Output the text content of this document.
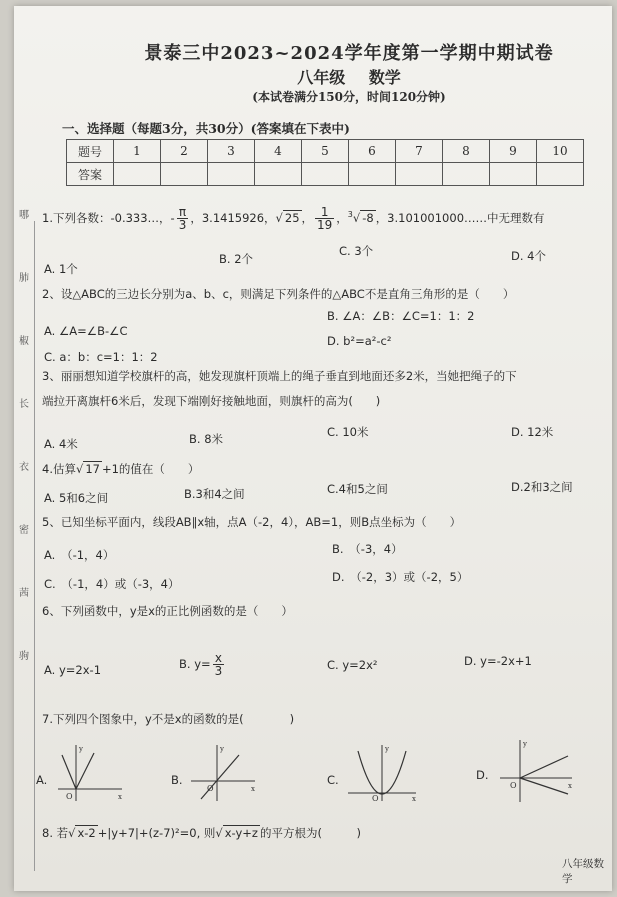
哪
肺
椒
长
衣
密
茜
驹
景泰三中2023~2024学年度第一学期中期试卷
八年级 数学
(本试卷满分150分，时间120分钟)
一、选择题（每题3分，共30分）(答案填在下表中)
题号	1	2	3	4	5	6	7	8	9	10
答案										
1.下列各数：-0.333…，- $\frac{\pi}{3}$ ，3.1415926，√ 25 ， $\frac{1}{19}$ ，$^3$√ -8 ，3.101001000……中无理数有
A. 1个
B. 2个
C. 3个	D. 4个
2、设△ABC的三边长分别为a、b、c，则满足下列条件的△ABC不是直角三角形的是（　　）
A. ∠A=∠B-∠C
B. ∠A：∠B：∠C=1：1：2
C. a：b：c=1：1：2
D. b²=a²-c²
3、丽丽想知道学校旗杆的高，她发现旗杆顶端上的绳子垂直到地面还多2米，当她把绳子的下
端拉开离旗杆6米后，发现下端刚好接触地面，则旗杆的高为(　　)
A. 4米	B. 8米	C. 10米	D. 12米
4.估算√ 17 +1的值在（　　）
A. 5和6之间	B.3和4之间	C.4和5之间	D.2和3之间
5、已知坐标平面内，线段AB∥x轴，点A（-2，4），AB=1，则B点坐标为（　　）
A.　（-1，4）	B.　（-3，4）
C.　（-1，4）或（-3，4）	D.　（-2，3）或（-2，5）
6、下列函数中，y是x的正比例函数的是（　　）
A. y=2x-1	B. $y= \frac{x}{3}$	C. y=2x²	D. y=-2x+1
7.下列四个图象中，y不是x的函数的是(　　　　)
A.
O	x
y
B.
O	x
y
C.
O	x
y
D.
O	x
y
8. 若√ x-2 +|y+7|+(z-7)²=0, 则√ x-y+z 的平方根为(　　　)
八年级数学
